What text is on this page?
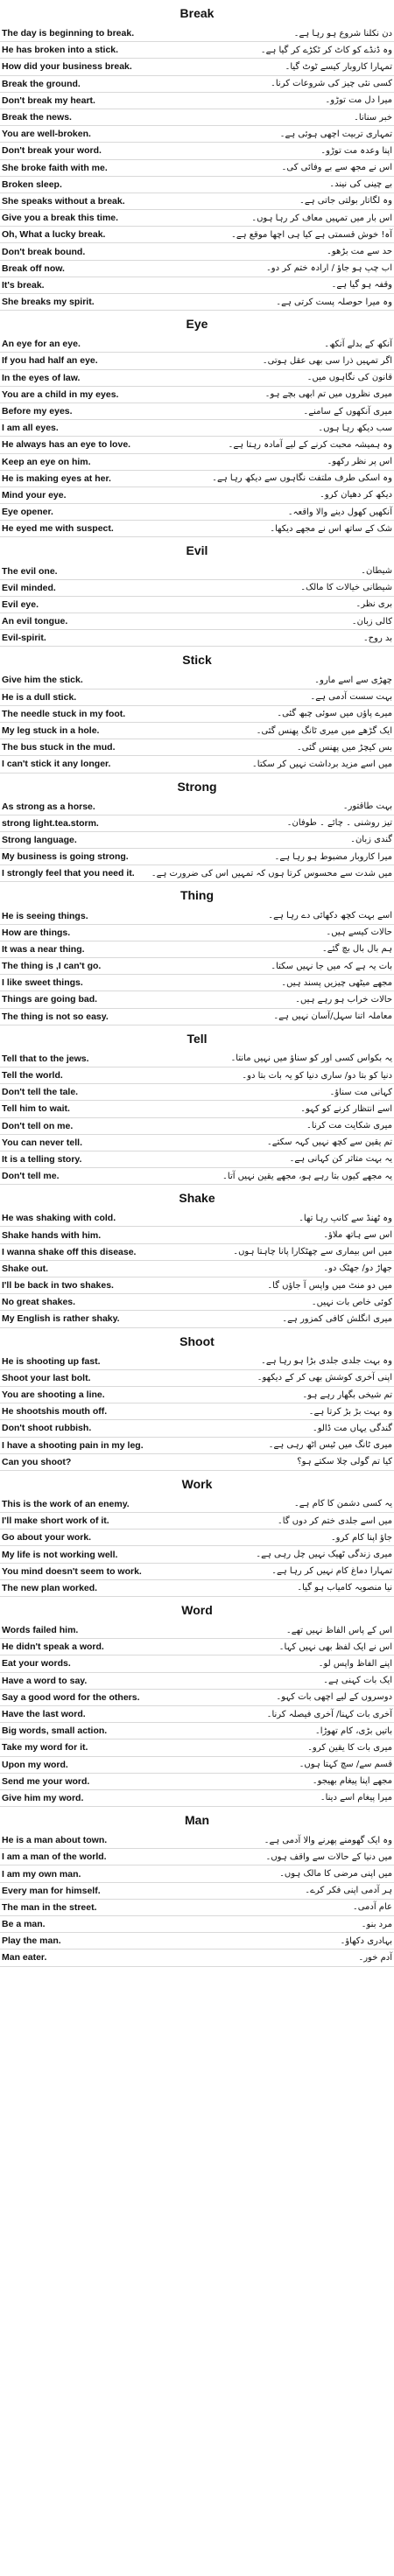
Break
The day is beginning to break.	دن نکلنا شروع ہو رہا ہے۔
He has broken into a stick.	وہ ڈنڈے کو کاٹ کر ٹکڑے کر گیا ہے۔
How did your business break.	تمہارا کاروبار کیسے ٹوٹ گیا۔
Break the ground.	کسی نئی چیز کی شروعات کرنا۔
Don't break my heart.	میرا دل مت توڑو۔
Break the news.	خبر سنانا۔
You are well-broken.	تمہاری تربیت اچھی ہوئی ہے۔
Don't break your word.	اپنا وعدہ مت توڑو۔
She broke faith with me.	اس نے مجھ سے بے وفائی کی۔
Broken sleep.	بے چینی کی نیند۔
She speaks without a break.	وہ لگاتار بولتی جاتی ہے۔
Give you a break this time.	اس بار میں تمہیں معاف کر رہا ہوں۔
Oh, What a lucky break.	آہ! خوش قسمتی ہے کیا ہی اچھا موقع ہے۔
Don't break bound.	حد سے مت بڑھو۔
Break off now.	اب چپ ہو جاؤ / ارادہ ختم کر دو۔
It's break.	وقفہ ہو گیا ہے۔
She breaks my spirit.	وہ میرا حوصلہ پست کرتی ہے۔
Eye
An eye for an eye.	آنکھ کے بدلے آنکھ۔
If you had half an eye.	اگر تمہیں ذرا سی بھی عقل ہوتی۔
In the eyes of law.	قانون کی نگاہوں میں۔
You are a child in my eyes.	میری نظروں میں تم ابھی بچے ہو۔
Before my eyes.	میری آنکھوں کے سامنے۔
I am all eyes.	سب دیکھ رہا ہوں۔
He always has an eye to love.	وہ ہمیشہ محبت کرنے کے لیے آمادہ رہتا ہے۔
Keep an eye on him.	اس پر نظر رکھو۔
He is making eyes at her.	وہ اسکی طرف ملتفت نگاہوں سے دیکھ رہا ہے۔
Mind your eye.	دیکھ کر دھیان کرو۔
Eye opener.	آنکھیں کھول دینے والا واقعہ۔
He eyed me with suspect.	شک کے ساتھ اس نے مجھے دیکھا۔
Evil
The evil one.	شیطان۔
Evil minded.	شیطانی خیالات کا مالک۔
Evil eye.	بری نظر۔
An evil tongue.	کالی زبان۔
Evil-spirit.	بد روح۔
Stick
Give him the stick.	چھڑی سے اسے مارو۔
He is a dull stick.	بہت سست آدمی ہے۔
The needle stuck in my foot.	میرے پاؤں میں سوئی چبھ گئی۔
My leg stuck in a hole.	ایک گڑھے میں میری ٹانگ پھنس گئی۔
The bus stuck in the mud.	بس کیچڑ میں پھنس گئی۔
I can't stick it any longer.	میں اسے مزید برداشت نہیں کر سکتا۔
Strong
As strong as a horse.	بہت طاقتور۔
strong light.tea.storm.	تیز روشنی ۔ چائے ۔ طوفان۔
Strong language.	گندی زبان۔
My business is going strong.	میرا کاروبار مضبوط ہو رہا ہے۔
I strongly feel that you need it. میں شدت سے محسوس کرتا ہوں کہ تمہیں اس کی ضرورت ہے۔
Thing
He is seeing things.	اسے بہت کچھ دکھائی دے رہا ہے۔
How are things.	حالات کیسے ہیں۔
It was a near thing.	ہم بال بال بچ گئے۔
The thing is ,I can't go.	بات یہ ہے کہ میں جا نہیں سکتا۔
I like sweet things.	مجھے میٹھی چیزیں پسند ہیں۔
Things are going bad.	حالات خراب ہو رہے ہیں۔
The thing is not so easy.	معاملہ اتنا سہل/آسان نہیں ہے۔
Tell
Tell that to the jews.	یہ بکواس کسی اور کو سناؤ میں نہیں مانتا۔
Tell the world.	دنیا کو بتا دو/ ساری دنیا کو یہ بات بتا دو۔
Don't tell the tale.	کہانی مت سناؤ۔
Tell him to wait.	اسے انتظار کرنے کو کہو۔
Don't tell on me.	میری شکایت مت کرنا۔
You can never tell.	تم یقین سے کچھ نہیں کہہ سکتے۔
It is a telling story.	یہ بہت متاثر کن کہانی ہے۔
Don't tell me.	یہ مجھے کیوں بتا رہے ہو، مجھے یقین نہیں آتا۔
Shake
He was shaking with cold.	وہ ٹھنڈ سے کانپ رہا تھا۔
Shake hands with him.	اس سے ہاتھ ملاؤ۔
I wanna shake off this disease.	میں اس بیماری سے چھٹکارا پانا چاہتا ہوں۔
Shake out.	جھاڑ دو/ جھٹک دو۔
I'll be back in two shakes.	میں دو منٹ میں واپس آ جاؤں گا۔
No great shakes.	کوئی خاص بات نہیں۔
My English is rather shaky.	میری انگلش کافی کمزور ہے۔
Shoot
He is shooting up fast.	وہ بہت جلدی جلدی بڑا ہو رہا ہے۔
Shoot your last bolt.	اپنی آخری کوشش بھی کر کے دیکھو۔
You are shooting a line.	تم شیخی بگھار رہے ہو۔
He shootshis mouth off.	وہ بہت بڑ بڑ کرتا ہے۔
Don't shoot rubbish.	گندگی یہاں مت ڈالو۔
I have a shooting pain in my leg.	میری ٹانگ میں ٹیس اٹھ رہی ہے۔
Can you shoot?	کیا تم گولی چلا سکتے ہو؟
Work
This is the work of an enemy.	یہ کسی دشمن کا کام ہے۔
I'll make short work of it.	میں اسے جلدی ختم کر دوں گا۔
Go about your work.	جاؤ اپنا کام کرو۔
My life is not working well.	میری زندگی ٹھیک نہیں چل رہی ہے۔
You mind doesn't seem to work.	تمہارا دماغ کام نہیں کر رہا ہے۔
The new plan worked.	نیا منصوبہ کامیاب ہو گیا۔
Word
Words failed him.	اس کے پاس الفاظ نہیں تھے۔
He didn't speak a word.	اس نے ایک لفظ بھی نہیں کہا۔
Eat your words.	اپنے الفاظ واپس لو۔
Have a word to say.	ایک بات کہنی ہے۔
Say a good word for the others.	دوسروں کے لیے اچھی بات کہو۔
Have the last word.	آخری بات کہنا/ آخری فیصلہ کرنا۔
Big words, small action.	باتیں بڑی، کام تھوڑا۔
Take my word for it.	میری بات کا یقین کرو۔
Upon my word.	قسم سے/ سچ کہتا ہوں۔
Send me your word.	مجھے اپنا پیغام بھیجو۔
Give him my word.	میرا پیغام اسے دینا۔
Man
He is a man about town.	وہ ایک گھومنے پھرنے والا آدمی ہے۔
I am a man of the world.	میں دنیا کے حالات سے واقف ہوں۔
I am my own man.	میں اپنی مرضی کا مالک ہوں۔
Every man for himself.	ہر آدمی اپنی فکر کرے۔
The man in the street.	عام آدمی۔
Be a man.	مرد بنو۔
Play the man.	بہادری دکھاؤ۔
Man eater.	آدم خور۔
